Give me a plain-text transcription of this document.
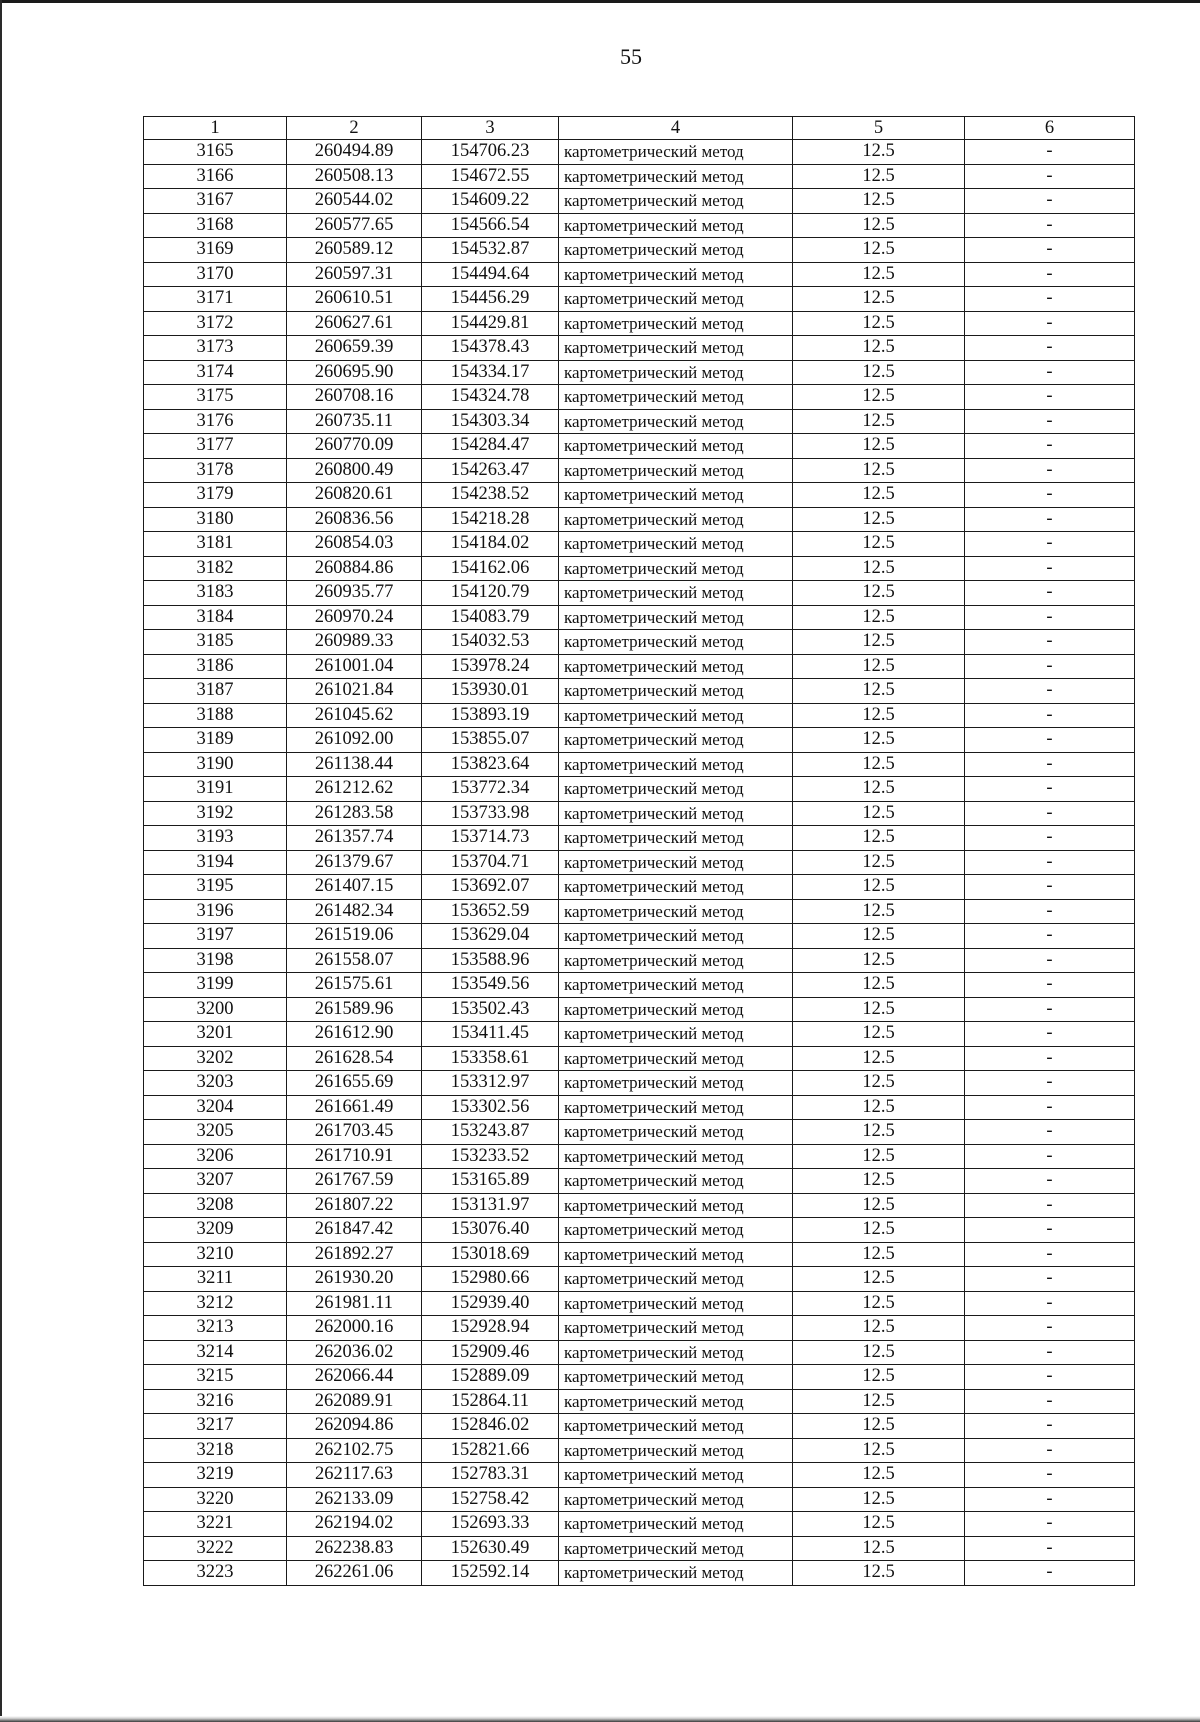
55
1	2	3	4	5	6
3165	260494.89	154706.23	картометрический метод	12.5	-
3166	260508.13	154672.55	картометрический метод	12.5	-
3167	260544.02	154609.22	картометрический метод	12.5	-
3168	260577.65	154566.54	картометрический метод	12.5	-
3169	260589.12	154532.87	картометрический метод	12.5	-
3170	260597.31	154494.64	картометрический метод	12.5	-
3171	260610.51	154456.29	картометрический метод	12.5	-
3172	260627.61	154429.81	картометрический метод	12.5	-
3173	260659.39	154378.43	картометрический метод	12.5	-
3174	260695.90	154334.17	картометрический метод	12.5	-
3175	260708.16	154324.78	картометрический метод	12.5	-
3176	260735.11	154303.34	картометрический метод	12.5	-
3177	260770.09	154284.47	картометрический метод	12.5	-
3178	260800.49	154263.47	картометрический метод	12.5	-
3179	260820.61	154238.52	картометрический метод	12.5	-
3180	260836.56	154218.28	картометрический метод	12.5	-
3181	260854.03	154184.02	картометрический метод	12.5	-
3182	260884.86	154162.06	картометрический метод	12.5	-
3183	260935.77	154120.79	картометрический метод	12.5	-
3184	260970.24	154083.79	картометрический метод	12.5	-
3185	260989.33	154032.53	картометрический метод	12.5	-
3186	261001.04	153978.24	картометрический метод	12.5	-
3187	261021.84	153930.01	картометрический метод	12.5	-
3188	261045.62	153893.19	картометрический метод	12.5	-
3189	261092.00	153855.07	картометрический метод	12.5	-
3190	261138.44	153823.64	картометрический метод	12.5	-
3191	261212.62	153772.34	картометрический метод	12.5	-
3192	261283.58	153733.98	картометрический метод	12.5	-
3193	261357.74	153714.73	картометрический метод	12.5	-
3194	261379.67	153704.71	картометрический метод	12.5	-
3195	261407.15	153692.07	картометрический метод	12.5	-
3196	261482.34	153652.59	картометрический метод	12.5	-
3197	261519.06	153629.04	картометрический метод	12.5	-
3198	261558.07	153588.96	картометрический метод	12.5	-
3199	261575.61	153549.56	картометрический метод	12.5	-
3200	261589.96	153502.43	картометрический метод	12.5	-
3201	261612.90	153411.45	картометрический метод	12.5	-
3202	261628.54	153358.61	картометрический метод	12.5	-
3203	261655.69	153312.97	картометрический метод	12.5	-
3204	261661.49	153302.56	картометрический метод	12.5	-
3205	261703.45	153243.87	картометрический метод	12.5	-
3206	261710.91	153233.52	картометрический метод	12.5	-
3207	261767.59	153165.89	картометрический метод	12.5	-
3208	261807.22	153131.97	картометрический метод	12.5	-
3209	261847.42	153076.40	картометрический метод	12.5	-
3210	261892.27	153018.69	картометрический метод	12.5	-
3211	261930.20	152980.66	картометрический метод	12.5	-
3212	261981.11	152939.40	картометрический метод	12.5	-
3213	262000.16	152928.94	картометрический метод	12.5	-
3214	262036.02	152909.46	картометрический метод	12.5	-
3215	262066.44	152889.09	картометрический метод	12.5	-
3216	262089.91	152864.11	картометрический метод	12.5	-
3217	262094.86	152846.02	картометрический метод	12.5	-
3218	262102.75	152821.66	картометрический метод	12.5	-
3219	262117.63	152783.31	картометрический метод	12.5	-
3220	262133.09	152758.42	картометрический метод	12.5	-
3221	262194.02	152693.33	картометрический метод	12.5	-
3222	262238.83	152630.49	картометрический метод	12.5	-
3223	262261.06	152592.14	картометрический метод	12.5	-
